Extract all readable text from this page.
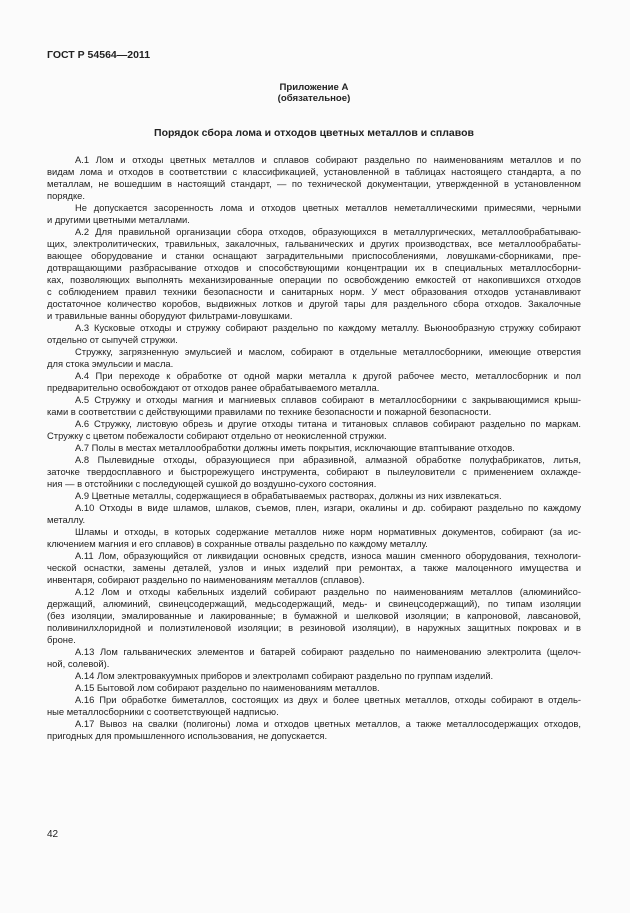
ГОСТ Р 54564—2011
Приложение А
(обязательное)
Порядок сбора лома и отходов цветных металлов и сплавов
А.1 Лом и отходы цветных металлов и сплавов собирают раздельно по наименованиям металлов и по
видам лома и отходов в соответствии с классификацией, установленной в таблицах настоящего стандарта, а по
металлам, не вошедшим в настоящий стандарт, — по технической документации, утвержденной в установленном
порядке.
Не допускается засоренность лома и отходов цветных металлов неметаллическими примесями, черными
и другими цветными металлами.
А.2 Для правильной организации сбора отходов, образующихся в металлургических, металлообрабатываю-
щих, электролитических, травильных, закалочных, гальванических и других производствах, все металлообрабаты-
вающее оборудование и станки оснащают заградительными приспособлениями, ловушками-сборниками, пре-
дотвращающими разбрасывание отходов и способствующими концентрации их в специальных металлосборни-
ках, позволяющих выполнять механизированные операции по освобождению емкостей от накопившихся отходов
с соблюдением правил техники безопасности и санитарных норм. У мест образования отходов устанавливают
достаточное количество коробов, выдвижных лотков и другой тары для раздельного сбора отходов. Закалочные
и травильные ванны оборудуют фильтрами-ловушками.
А.3 Кусковые отходы и стружку собирают раздельно по каждому металлу. Вьюнообразную стружку собирают
отдельно от сыпучей стружки.
Стружку, загрязненную эмульсией и маслом, собирают в отдельные металлосборники, имеющие отверстия
для стока эмульсии и масла.
А.4 При переходе к обработке от одной марки металла к другой рабочее место, металлосборник и пол
предварительно освобождают от отходов ранее обрабатываемого металла.
А.5 Стружку и отходы магния и магниевых сплавов собирают в металлосборники с закрывающимися крыш-
ками в соответствии с действующими правилами по технике безопасности и пожарной безопасности.
А.6 Стружку, листовую обрезь и другие отходы титана и титановых сплавов собирают раздельно по маркам.
Стружку с цветом побежалости собирают отдельно от неокисленной стружки.
А.7 Полы в местах металлообработки должны иметь покрытия, исключающие втаптывание отходов.
А.8 Пылевидные отходы, образующиеся при абразивной, алмазной обработке полуфабрикатов, литья,
заточке твердосплавного и быстрорежущего инструмента, собирают в пылеуловители с применением охлажде-
ния — в отстойники с последующей сушкой до воздушно-сухого состояния.
А.9 Цветные металлы, содержащиеся в обрабатываемых растворах, должны из них извлекаться.
А.10 Отходы в виде шламов, шлаков, съемов, плен, изгари, окалины и др. собирают раздельно по каждому
металлу.
Шламы и отходы, в которых содержание металлов ниже норм нормативных документов, собирают (за ис-
ключением магния и его сплавов) в сохранные отвалы раздельно по каждому металлу.
А.11 Лом, образующийся от ликвидации основных средств, износа машин сменного оборудования, технологи-
ческой оснастки, замены деталей, узлов и иных изделий при ремонтах, а также малоценного имущества и
инвентаря, собирают раздельно по наименованиям металлов (сплавов).
А.12 Лом и отходы кабельных изделий собирают раздельно по наименованиям металлов (алюминийсо-
держащий, алюминий, свинецсодержащий, медьсодержащий, медь- и свинецсодержащий), по типам изоляции
(без изоляции, эмалированные и лакированные; в бумажной и шелковой изоляции; в капроновой, лавсановой,
поливинилхлоридной и полиэтиленовой изоляции; в резиновой изоляции), в наружных защитных покровах и в
броне.
А.13 Лом гальванических элементов и батарей собирают раздельно по наименованию электролита (щелоч-
ной, солевой).
А.14 Лом электровакуумных приборов и электроламп собирают раздельно по группам изделий.
А.15 Бытовой лом собирают раздельно по наименованиям металлов.
А.16 При обработке биметаллов, состоящих из двух и более цветных металлов, отходы собирают в отдель-
ные металлосборники с соответствующей надписью.
А.17 Вывоз на свалки (полигоны) лома и отходов цветных металлов, а также металлосодержащих отходов,
пригодных для промышленного использования, не допускается.
42
